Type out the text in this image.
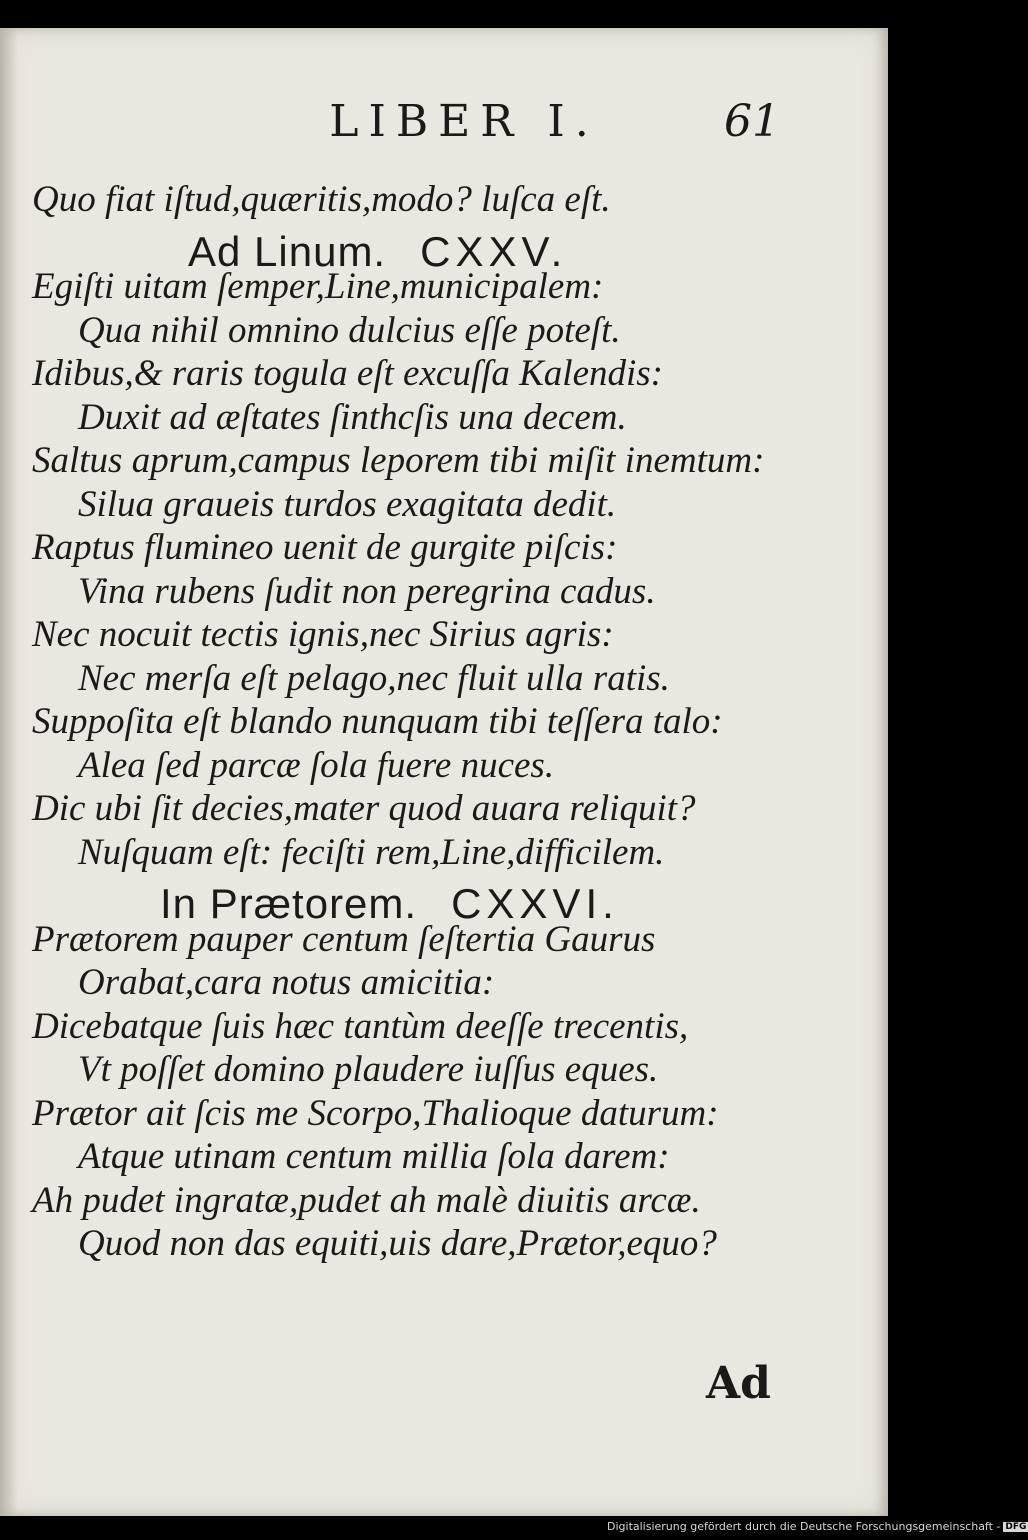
LIBER I.	61
Quo fiat iſtud,quæritis,modo? luſca eſt.
Ad Linum. CXXV.
Egiſti uitam ſemper,Line,municipalem:
Qua nihil omnino dulcius eſſe poteſt.
Idibus,& raris togula eſt excuſſa Kalendis:
Duxit ad æſtates ſinthcſis una decem.
Saltus aprum,campus leporem tibi miſit inemtum:
Silua graueis turdos exagitata dedit.
Raptus flumineo uenit de gurgite piſcis:
Vina rubens ſudit non peregrina cadus.
Nec nocuit tectis ignis,nec Sirius agris:
Nec merſa eſt pelago,nec fluit ulla ratis.
Suppoſita eſt blando nunquam tibi teſſera talo:
Alea ſed parcæ ſola fuere nuces.
Dic ubi ſit decies,mater quod auara reliquit?
Nuſquam eſt: feciſti rem,Line,difficilem.
In Prætorem. CXXVI.
Prætorem pauper centum ſeſtertia Gaurus
Orabat,cara notus amicitia:
Dicebatque ſuis hæc tantùm deeſſe trecentis,
Vt poſſet domino plaudere iuſſus eques.
Prætor ait ſcis me Scorpo,Thalioque daturum:
Atque utinam centum millia ſola darem:
Ah pudet ingratæ,pudet ah malè diuitis arcæ.
Quod non das equiti,uis dare,Prætor,equo?
Ad
Digitalisierung gefördert durch die Deutsche Forschungsgemeinschaft - DFG
